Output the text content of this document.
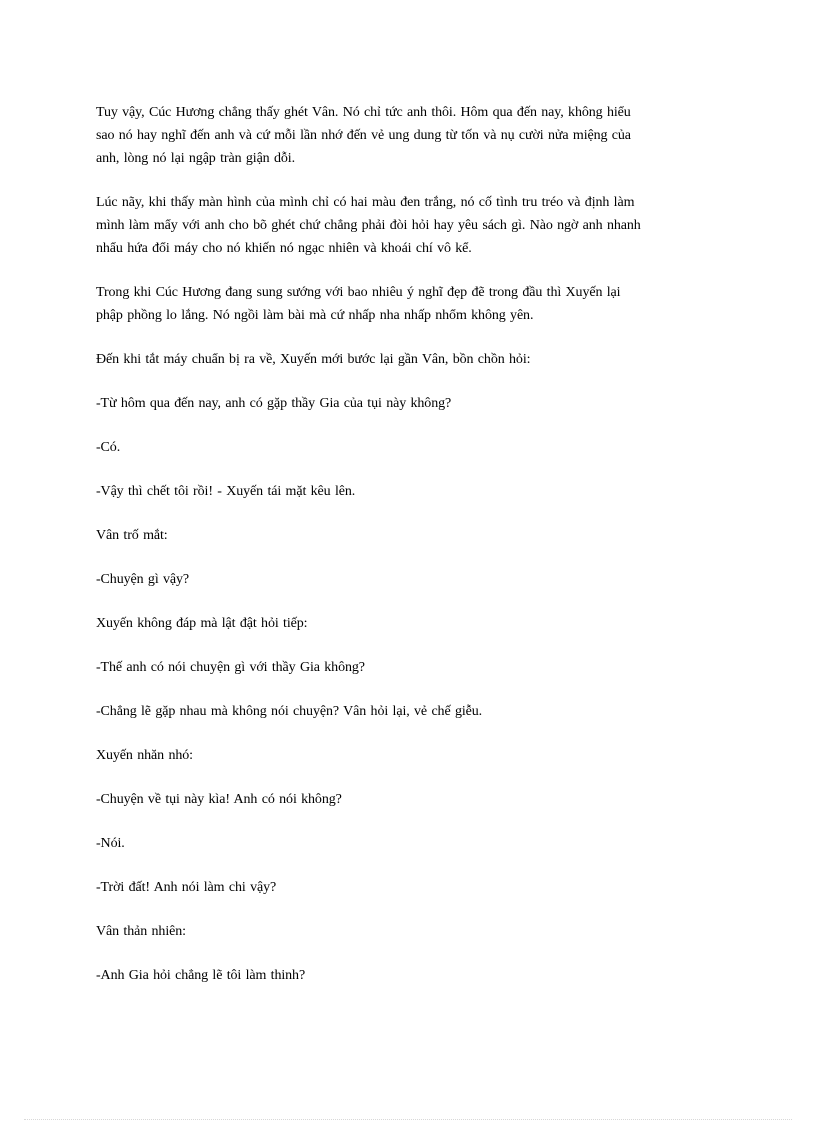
Tuy vậy, Cúc Hương chẳng thấy ghét Vân. Nó chỉ tức anh thôi. Hôm qua đến nay, không hiểu
sao nó hay nghĩ đến anh và cứ mỗi lần nhớ đến vẻ ung dung từ tốn và nụ cười nửa miệng của
anh, lòng nó lại ngập tràn giận dỗi.

Lúc nãy, khi thấy màn hình của mình chỉ có hai màu đen trắng, nó cố tình tru tréo và định làm
mình làm mẩy với anh cho bõ ghét chứ chẳng phải đòi hỏi hay yêu sách gì. Nào ngờ anh nhanh
nhẩu hứa đổi máy cho nó khiến nó ngạc nhiên và khoái chí vô kể.

Trong khi Cúc Hương đang sung sướng với bao nhiêu ý nghĩ đẹp đẽ trong đầu thì Xuyến lại
phập phồng lo lắng. Nó ngồi làm bài mà cứ nhấp nha nhấp nhổm không yên.

Đến khi tắt máy chuẩn bị ra về, Xuyến mới bước lại gần Vân, bồn chồn hỏi:

-Từ hôm qua đến nay, anh có gặp thầy Gia của tụi này không?

-Có.

-Vậy thì chết tôi rồi! - Xuyến tái mặt kêu lên.

Vân trố mắt:

-Chuyện gì vậy?

Xuyến không đáp mà lật đật hỏi tiếp:

-Thế anh có nói chuyện gì với thầy Gia không?

-Chẳng lẽ gặp nhau mà không nói chuyện? Vân hỏi lại, vẻ chế giễu.

Xuyến nhăn nhó:

-Chuyện về tụi này kìa! Anh có nói không?

-Nói.

-Trời đất! Anh nói làm chi vậy?

Vân thản nhiên:

-Anh Gia hỏi chẳng lẽ tôi làm thinh?
